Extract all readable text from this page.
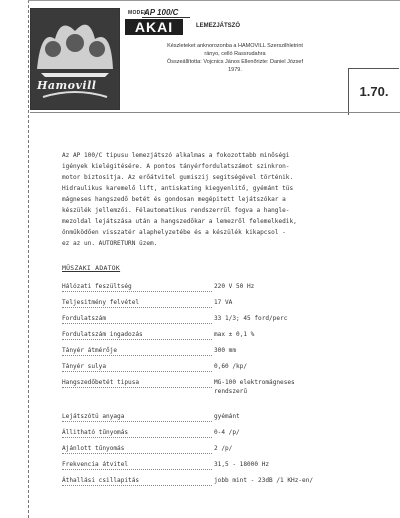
Hamovill
MODEL
AP 100/C
AKAI	LEMEZJÁTSZÓ
Készleteket anknorozonba a HAMOVILL Szerszilhletrint
rányo, celló Rassrudahra
Összeállította: Vojcnics János Ellenőrizte: Daniel József
1979.
1.70.
Az AP 100/C tipusu lemezjátszó alkalmas a fokozottabb minőségi
igények kielégitésére. A pontos tányérfordulatszámot szinkron-
motor biztositja. Az erőátvitel gumiszij segitségével történik.
Hidraulikus karemelő lift, antiskating kiegyenlitő, gyémánt tüs
mágneses hangszedő betét és gondosan megépitett lejátszókar a
készülék jellemzői. Félautomatikus rendszerrűl fogva a hangle-
mezoldal lejátszása után a hangszedőkar a lemezről felemelkedik,
önműködően visszatér alaphelyzetébe és a készülék kikapcsol -
ez az un. AUTORETURN üzem.
MŰSZAKI ADATOK
Hálózati feszültség	220 V 50 Hz
Teljesitmény felvétel	17 VA
Fordulatszám	33 1/3; 45 ford/perc
Fordulatszám ingadozás	max ± 0,1 %
Tányér átmérője	300 mm
Tányér sulya	0,60 /kp/
Hangszedőbetét tipusa	MG-100 elektromágneses
rendszerű
Lejátszótü anyaga	gyémánt
Állitható tűnyomás	0-4 /p/
Ajánlott tűnyomás	2 /p/
Frekvencia átvitel	31,5 - 18000 Hz
Áthallási csillapitás	jobb mint - 23dB /1 KHz-en/
